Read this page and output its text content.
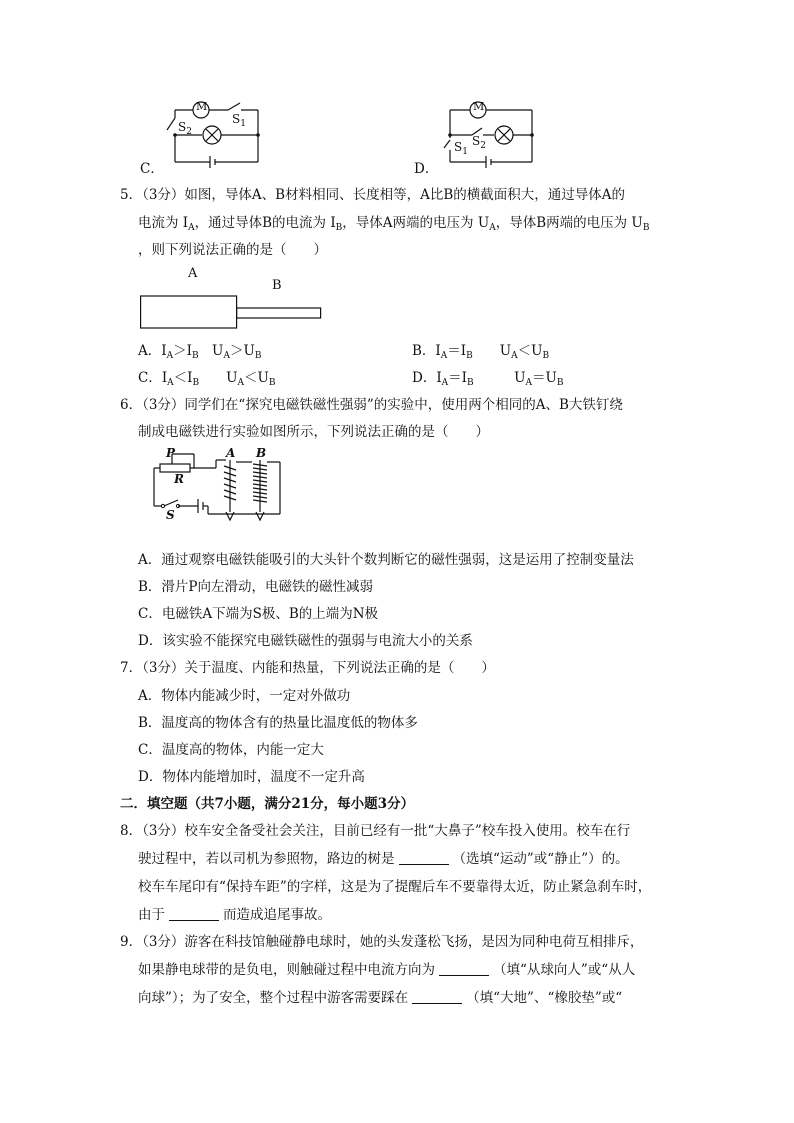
M
$S_1$
$S_2$
C．
M
$S_1$
$S_2$
D．
5．（3分）如图，导体A、B材料相同、长度相等，A比B的横截面积大，通过导体A的
电流为 $I_A$，通过导体B的电流为 $I_B$，导体A两端的电压为 $U_A$，导体B两端的电压为 $U_B$
，则下列说法正确的是（　　）
A
B
A．$I_A>I_B$　$U_A>U_B$	B．$I_A=I_B$　　$U_A<U_B$
C．$I_A<I_B$　　$U_A<U_B$	D．$I_A=I_B$　　　$U_A=U_B$
6．（3分）同学们在“探究电磁铁磁性强弱”的实验中，使用两个相同的A、B大铁钉绕
制成电磁铁进行实验如图所示，下列说法正确的是（　　）
P
R
A B
S
A．通过观察电磁铁能吸引的大头针个数判断它的磁性强弱，这是运用了控制变量法
B．滑片P向左滑动，电磁铁的磁性减弱
C．电磁铁A下端为S极、B的上端为N极
D．该实验不能探究电磁铁磁性的强弱与电流大小的关系
7．（3分）关于温度、内能和热量，下列说法正确的是（　　）
A．物体内能减少时，一定对外做功
B．温度高的物体含有的热量比温度低的物体多
C．温度高的物体，内能一定大
D．物体内能增加时，温度不一定升高
二．填空题（共7小题，满分21分，每小题3分）
8．（3分）校车安全备受社会关注，目前已经有一批“大鼻子”校车投入使用。校车在行
驶过程中，若以司机为参照物，路边的树是	（选填“运动”或“静止”）的。
校车车尾印有“保持车距”的字样，这是为了提醒后车不要靠得太近，防止紧急刹车时，
由于	而造成追尾事故。
9．（3分）游客在科技馆触碰静电球时，她的头发蓬松飞扬，是因为同种电荷互相排斥，
如果静电球带的是负电，则触碰过程中电流方向为	（填“从球向人”或“从人
向球”）；为了安全，整个过程中游客需要踩在	（填“大地”、“橡胶垫”或“
